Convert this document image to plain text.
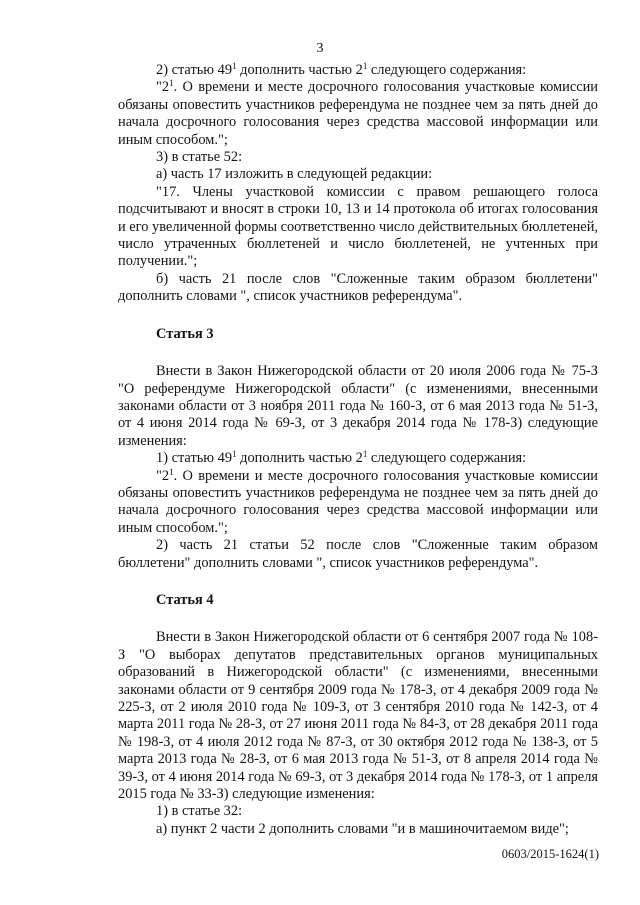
3

2) статью $49^1$ дополнить частью $2^1$ следующего содержания:

"$2^1$. О времени и месте досрочного голосования участковые комиссии обязаны оповестить участников референдума не позднее чем за пять дней до начала досрочного голосования через средства массовой информации или иным способом.";

3) в статье 52:

а) часть 17 изложить в следующей редакции:

"17. Члены участковой комиссии с правом решающего голоса подсчитывают и вносят в строки 10, 13 и 14 протокола об итогах голосования и его увеличенной формы соответственно число действительных бюллетеней, число утраченных бюллетеней и число бюллетеней, не учтенных при получении.";

б) часть 21 после слов "Сложенные таким образом бюллетени" дополнить словами ", список участников референдума".

Статья 3

Внести в Закон Нижегородской области от 20 июля 2006 года № 75-З "О референдуме Нижегородской области" (с изменениями, внесенными законами области от 3 ноября 2011 года № 160-З, от 6 мая 2013 года № 51-З, от 4 июня 2014 года № 69-З, от 3 декабря 2014 года № 178-З) следующие изменения:

1) статью $49^1$ дополнить частью $2^1$ следующего содержания:

"$2^1$. О времени и месте досрочного голосования участковые комиссии обязаны оповестить участников референдума не позднее чем за пять дней до начала досрочного голосования через средства массовой информации или иным способом.";

2) часть 21 статьи 52 после слов "Сложенные таким образом бюллетени" дополнить словами ", список участников референдума".

Статья 4

Внести в Закон Нижегородской области от 6 сентября 2007 года № 108-З "О выборах депутатов представительных органов муниципальных образований в Нижегородской области" (с изменениями, внесенными законами области от 9 сентября 2009 года № 178-З, от 4 декабря 2009 года № 225-З, от 2 июля 2010 года № 109-З, от 3 сентября 2010 года № 142-З, от 4 марта 2011 года № 28-З, от 27 июня 2011 года № 84-З, от 28 декабря 2011 года № 198-З, от 4 июля 2012 года № 87-З, от 30 октября 2012 года № 138-З, от 5 марта 2013 года № 28-З, от 6 мая 2013 года № 51-З, от 8 апреля 2014 года № 39-З, от 4 июня 2014 года № 69-З, от 3 декабря 2014 года № 178-З, от 1 апреля 2015 года № 33-З) следующие изменения:

1) в статье 32:

а) пункт 2 части 2 дополнить словами "и в машиночитаемом виде";

0603/2015-1624(1)
